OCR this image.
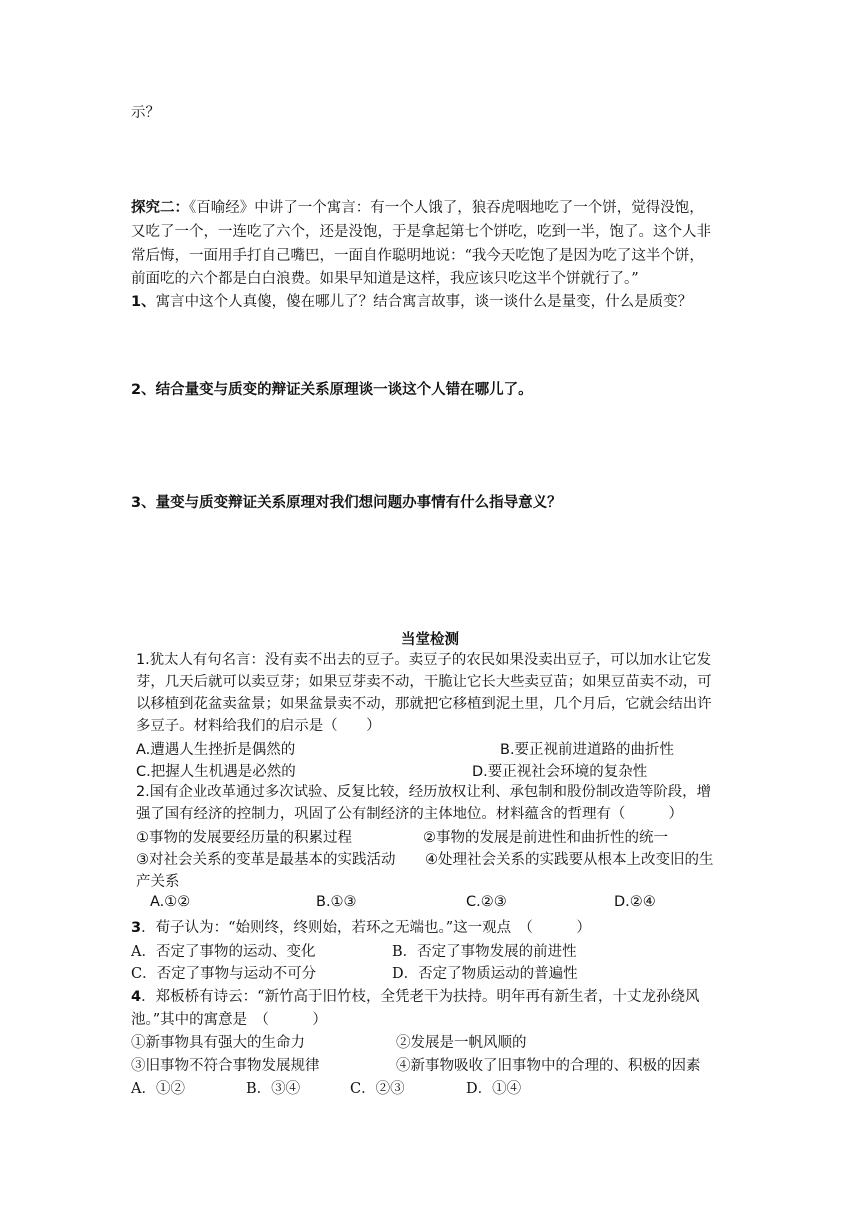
示？
探究二：《百喻经》中讲了一个寓言：有一个人饿了，狼吞虎咽地吃了一个饼，觉得没饱，
又吃了一个，一连吃了六个，还是没饱，于是拿起第七个饼吃，吃到一半，饱了。这个人非
常后悔，一面用手打自己嘴巴，一面自作聪明地说：“我今天吃饱了是因为吃了这半个饼，
前面吃的六个都是白白浪费。如果早知道是这样，我应该只吃这半个饼就行了。”
1、寓言中这个人真傻，傻在哪儿了？结合寓言故事，谈一谈什么是量变，什么是质变？
2、结合量变与质变的辩证关系原理谈一谈这个人错在哪儿了。
3、量变与质变辩证关系原理对我们想问题办事情有什么指导意义？
当堂检测
1.犹太人有句名言：没有卖不出去的豆子。卖豆子的农民如果没卖出豆子，可以加水让它发
芽，几天后就可以卖豆芽；如果豆芽卖不动，干脆让它长大些卖豆苗；如果豆苗卖不动，可
以移植到花盆卖盆景；如果盆景卖不动，那就把它移植到泥土里，几个月后，它就会结出许
多豆子。材料给我们的启示是（　　）
A.遭遇人生挫折是偶然的	B.要正视前进道路的曲折性
C.把握人生机遇是必然的	D.要正视社会环境的复杂性
2.国有企业改革通过多次试验、反复比较，经历放权让利、承包制和股份制改造等阶段，增
强了国有经济的控制力，巩固了公有制经济的主体地位。材料蕴含的哲理有（　　　）
①事物的发展要经历量的积累过程	②事物的发展是前进性和曲折性的统一
③对社会关系的变革是最基本的实践活动 ④处理社会关系的实践要从根本上改变旧的生
产关系
A.①②	B.①③	C.②③	D.②④
3．荀子认为：“始则终，终则始，若环之无端也。”这一观点　（　　　）
A．否定了事物的运动、变化	B．否定了事物发展的前进性
C．否定了事物与运动不可分	D．否定了物质运动的普遍性
4．郑板桥有诗云：“新竹高于旧竹枝，全凭老干为扶持。明年再有新生者，十丈龙孙绕风
池。”其中的寓意是　（　　　）
①新事物具有强大的生命力	②发展是一帆风顺的
③旧事物不符合事物发展规律	④新事物吸收了旧事物中的合理的、积极的因素
A．①②	B．③④	C．②③	D．①④
